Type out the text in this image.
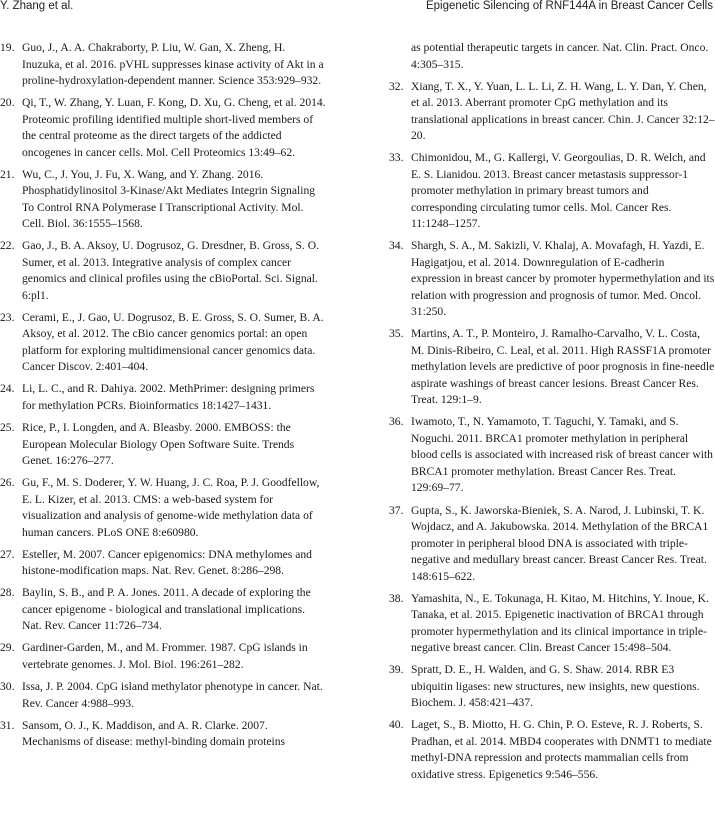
Y. Zhang et al.	Epigenetic Silencing of RNF144A in Breast Cancer Cells
19. Guo, J., A. A. Chakraborty, P. Liu, W. Gan, X. Zheng, H. Inuzuka, et al. 2016. pVHL suppresses kinase activity of Akt in a proline-hydroxylation-dependent manner. Science 353:929–932.
20. Qi, T., W. Zhang, Y. Luan, F. Kong, D. Xu, G. Cheng, et al. 2014. Proteomic profiling identified multiple short-lived members of the central proteome as the direct targets of the addicted oncogenes in cancer cells. Mol. Cell Proteomics 13:49–62.
21. Wu, C., J. You, J. Fu, X. Wang, and Y. Zhang. 2016. Phosphatidylinositol 3-Kinase/Akt Mediates Integrin Signaling To Control RNA Polymerase I Transcriptional Activity. Mol. Cell. Biol. 36:1555–1568.
22. Gao, J., B. A. Aksoy, U. Dogrusoz, G. Dresdner, B. Gross, S. O. Sumer, et al. 2013. Integrative analysis of complex cancer genomics and clinical profiles using the cBioPortal. Sci. Signal. 6:pl1.
23. Cerami, E., J. Gao, U. Dogrusoz, B. E. Gross, S. O. Sumer, B. A. Aksoy, et al. 2012. The cBio cancer genomics portal: an open platform for exploring multidimensional cancer genomics data. Cancer Discov. 2:401–404.
24. Li, L. C., and R. Dahiya. 2002. MethPrimer: designing primers for methylation PCRs. Bioinformatics 18:1427–1431.
25. Rice, P., I. Longden, and A. Bleasby. 2000. EMBOSS: the European Molecular Biology Open Software Suite. Trends Genet. 16:276–277.
26. Gu, F., M. S. Doderer, Y. W. Huang, J. C. Roa, P. J. Goodfellow, E. L. Kizer, et al. 2013. CMS: a web-based system for visualization and analysis of genome-wide methylation data of human cancers. PLoS ONE 8:e60980.
27. Esteller, M. 2007. Cancer epigenomics: DNA methylomes and histone-modification maps. Nat. Rev. Genet. 8:286–298.
28. Baylin, S. B., and P. A. Jones. 2011. A decade of exploring the cancer epigenome - biological and translational implications. Nat. Rev. Cancer 11:726–734.
29. Gardiner-Garden, M., and M. Frommer. 1987. CpG islands in vertebrate genomes. J. Mol. Biol. 196:261–282.
30. Issa, J. P. 2004. CpG island methylator phenotype in cancer. Nat. Rev. Cancer 4:988–993.
31. Sansom, O. J., K. Maddison, and A. R. Clarke. 2007. Mechanisms of disease: methyl-binding domain proteins
as potential therapeutic targets in cancer. Nat. Clin. Pract. Onco. 4:305–315.
32. Xiang, T. X., Y. Yuan, L. L. Li, Z. H. Wang, L. Y. Dan, Y. Chen, et al. 2013. Aberrant promoter CpG methylation and its translational applications in breast cancer. Chin. J. Cancer 32:12–20.
33. Chimonidou, M., G. Kallergi, V. Georgoulias, D. R. Welch, and E. S. Lianidou. 2013. Breast cancer metastasis suppressor-1 promoter methylation in primary breast tumors and corresponding circulating tumor cells. Mol. Cancer Res. 11:1248–1257.
34. Shargh, S. A., M. Sakizli, V. Khalaj, A. Movafagh, H. Yazdi, E. Hagigatjou, et al. 2014. Downregulation of E-cadherin expression in breast cancer by promoter hypermethylation and its relation with progression and prognosis of tumor. Med. Oncol. 31:250.
35. Martins, A. T., P. Monteiro, J. Ramalho-Carvalho, V. L. Costa, M. Dinis-Ribeiro, C. Leal, et al. 2011. High RASSF1A promoter methylation levels are predictive of poor prognosis in fine-needle aspirate washings of breast cancer lesions. Breast Cancer Res. Treat. 129:1–9.
36. Iwamoto, T., N. Yamamoto, T. Taguchi, Y. Tamaki, and S. Noguchi. 2011. BRCA1 promoter methylation in peripheral blood cells is associated with increased risk of breast cancer with BRCA1 promoter methylation. Breast Cancer Res. Treat. 129:69–77.
37. Gupta, S., K. Jaworska-Bieniek, S. A. Narod, J. Lubinski, T. K. Wojdacz, and A. Jakubowska. 2014. Methylation of the BRCA1 promoter in peripheral blood DNA is associated with triple-negative and medullary breast cancer. Breast Cancer Res. Treat. 148:615–622.
38. Yamashita, N., E. Tokunaga, H. Kitao, M. Hitchins, Y. Inoue, K. Tanaka, et al. 2015. Epigenetic inactivation of BRCA1 through promoter hypermethylation and its clinical importance in triple-negative breast cancer. Clin. Breast Cancer 15:498–504.
39. Spratt, D. E., H. Walden, and G. S. Shaw. 2014. RBR E3 ubiquitin ligases: new structures, new insights, new questions. Biochem. J. 458:421–437.
40. Laget, S., B. Miotto, H. G. Chin, P. O. Esteve, R. J. Roberts, S. Pradhan, et al. 2014. MBD4 cooperates with DNMT1 to mediate methyl-DNA repression and protects mammalian cells from oxidative stress. Epigenetics 9:546–556.
